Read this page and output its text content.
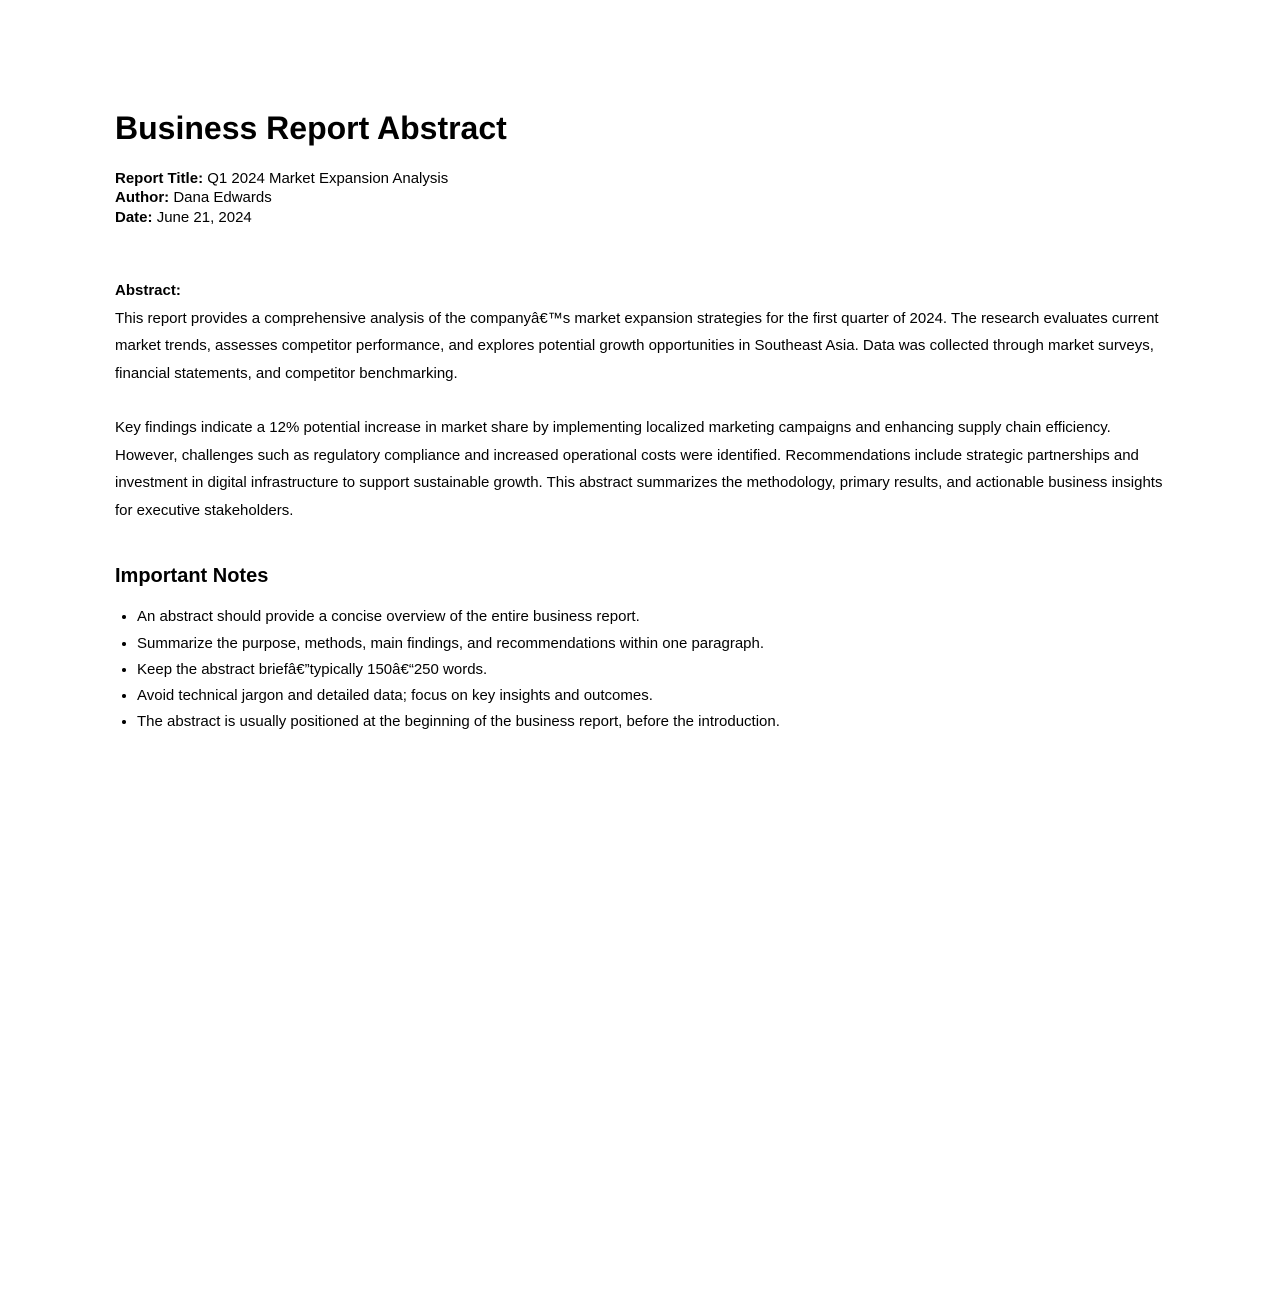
Business Report Abstract

Report Title: Q1 2024 Market Expansion Analysis
Author: Dana Edwards
Date: June 21, 2024

Abstract:

This report provides a comprehensive analysis of the companyâ€™s market expansion strategies for the first quarter of 2024. The research evaluates current market trends, assesses competitor performance, and explores potential growth opportunities in Southeast Asia. Data was collected through market surveys, financial statements, and competitor benchmarking.

Key findings indicate a 12% potential increase in market share by implementing localized marketing campaigns and enhancing supply chain efficiency. However, challenges such as regulatory compliance and increased operational costs were identified. Recommendations include strategic partnerships and investment in digital infrastructure to support sustainable growth. This abstract summarizes the methodology, primary results, and actionable business insights for executive stakeholders.

Important Notes
• An abstract should provide a concise overview of the entire business report.
• Summarize the purpose, methods, main findings, and recommendations within one paragraph.
• Keep the abstract briefâ€”typically 150â€“250 words.
• Avoid technical jargon and detailed data; focus on key insights and outcomes.
• The abstract is usually positioned at the beginning of the business report, before the introduction.
